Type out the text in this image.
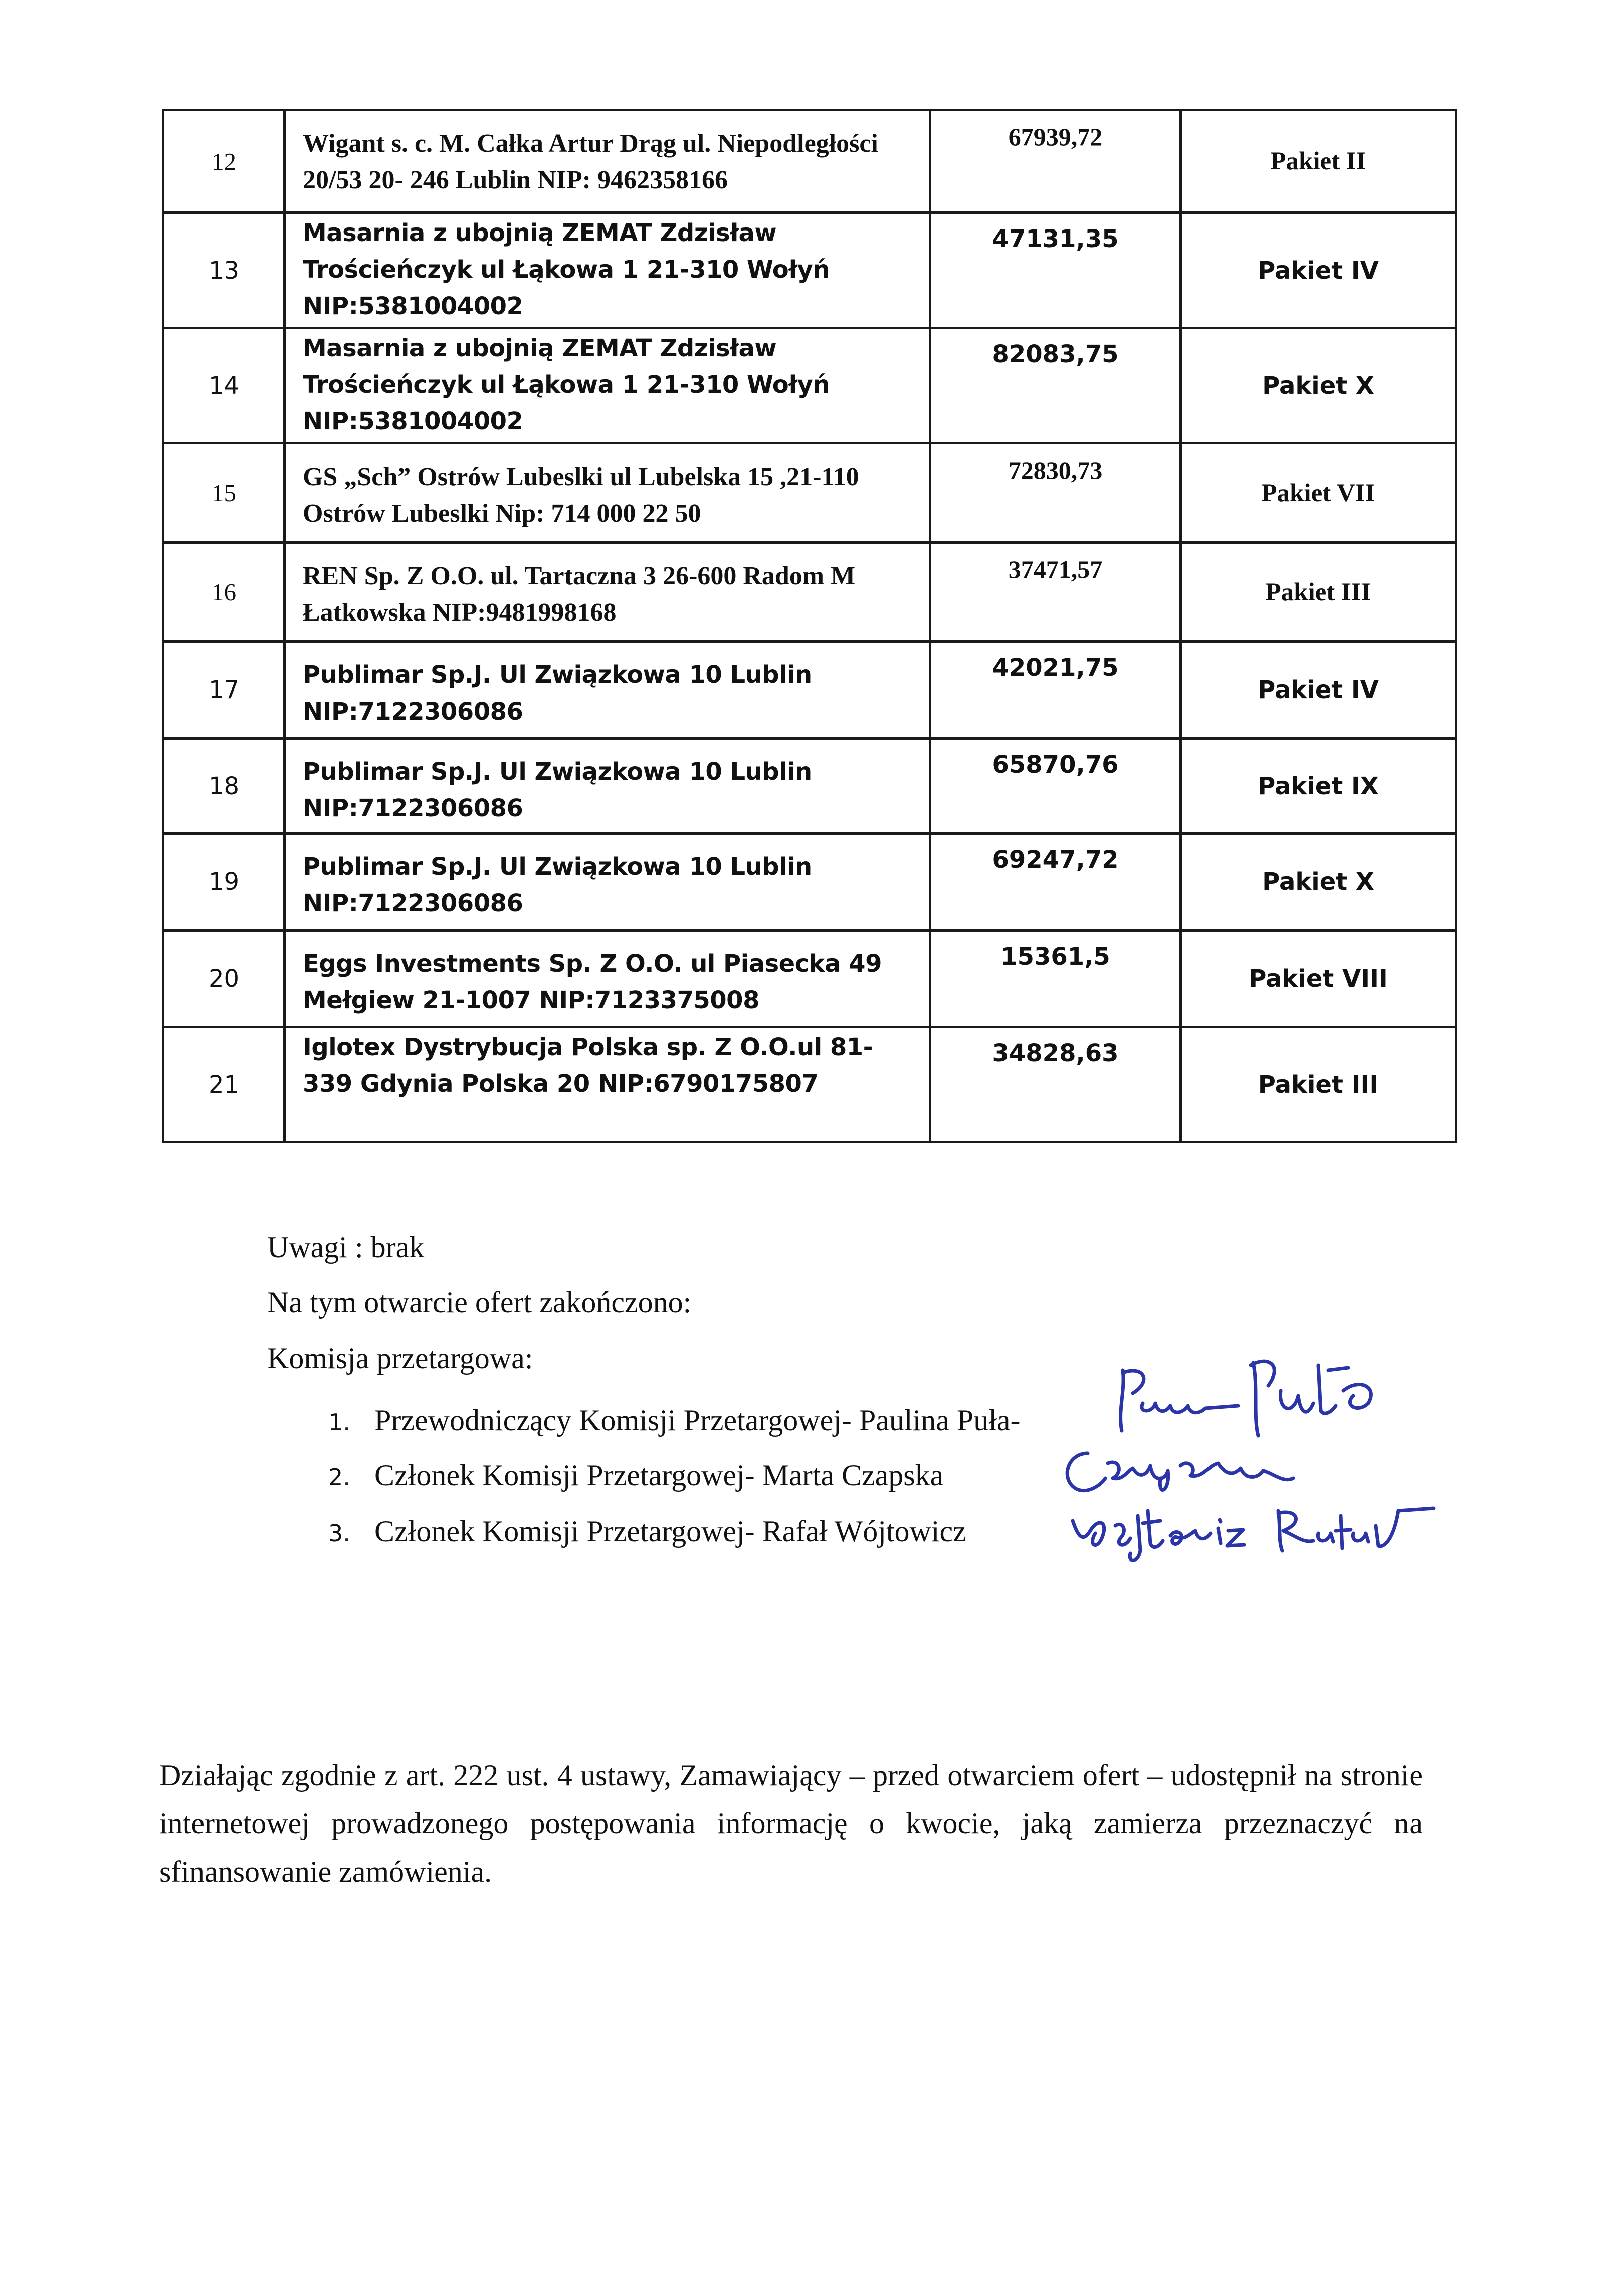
12	Wigant s. c. M. Całka Artur Drąg ul. Niepodległości 20/53 20- 246 Lublin NIP: 9462358166	67939,72	Pakiet II
13	Masarnia z ubojnią ZEMAT Zdzisław Trościeńczyk ul Łąkowa 1 21-310 Wołyń NIP:5381004002	47131,35	Pakiet IV
14	Masarnia z ubojnią ZEMAT Zdzisław Trościeńczyk ul Łąkowa 1 21-310 Wołyń NIP:5381004002	82083,75	Pakiet X
15	GS „Sch” Ostrów Lubeslki ul Lubelska 15 ,21-110 Ostrów Lubeslki Nip: 714 000 22 50	72830,73	Pakiet VII
16	REN Sp. Z O.O. ul. Tartaczna 3 26-600 Radom M Łatkowska NIP:9481998168	37471,57	Pakiet III
17	Publimar Sp.J. Ul Związkowa 10 Lublin NIP:7122306086	42021,75	Pakiet IV
18	Publimar Sp.J. Ul Związkowa 10 Lublin NIP:7122306086	65870,76	Pakiet IX
19	Publimar Sp.J. Ul Związkowa 10 Lublin NIP:7122306086	69247,72	Pakiet X
20	Eggs Investments Sp. Z O.O. ul Piasecka 49 Mełgiew 21-1007 NIP:7123375008	15361,5	Pakiet VIII
21	Iglotex Dystrybucja Polska sp. Z O.O.ul 81-339 Gdynia Polska 20 NIP:6790175807	34828,63	Pakiet III
Uwagi : brak
Na tym otwarcie ofert zakończono:
Komisja przetargowa:
1. Przewodniczący Komisji Przetargowej- Paulina Puła-
2. Członek Komisji Przetargowej- Marta Czapska
3. Członek Komisji Przetargowej- Rafał Wójtowicz
Działając zgodnie z art. 222 ust. 4 ustawy, Zamawiający – przed otwarciem ofert – udostępnił na stronie internetowej prowadzonego postępowania informację o kwocie, jaką zamierza przeznaczyć na sfinansowanie zamówienia.
